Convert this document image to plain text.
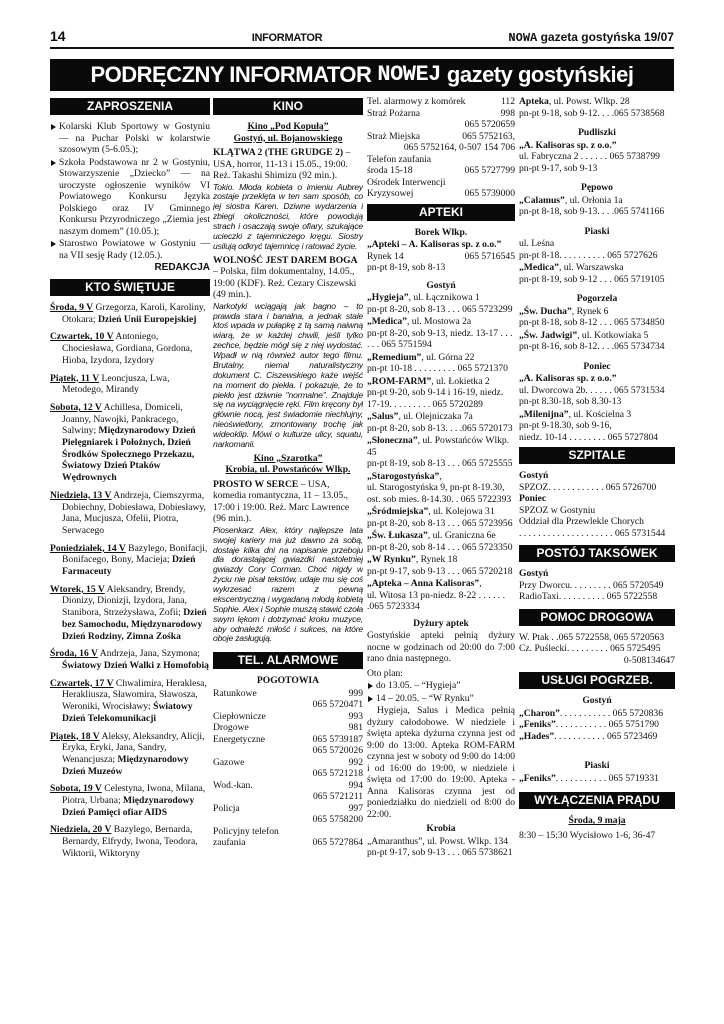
14	INFORMATOR	NOWA gazeta gostyńska 19/07
PODRĘCZNY INFORMATOR NOWEJ gazety gostyńskiej
ZAPROSZENIA
Kolarski Klub Sportowy w Gostyniu — na Puchar Polski w kolarstwie szosowym (5-6.05.);
Szkoła Podstawowa nr 2 w Gostyniu, Stowarzyszenie „Dziecko” — na uroczyste ogłoszenie wyników VI Powiatowego Konkursu Języka Polskiego oraz IV Gminnego Konkursu Przyrodniczego „Ziemia jest naszym domem” (10.05.);
Starostwo Powiatowe w Gostyniu — na VII sesję Rady (12.05.).
REDAKCJA
KTO ŚWIĘTUJE
Środa, 9 V Grzegorza, Karoli, Karoliny, Otokara; Dzień Unii Europejskiej
Czwartek, 10 V Antoniego, Chociesława, Gordiana, Gordona, Hioba, Izydora, Izydory
Piątek, 11 V Leoncjusza, Lwa, Metodego, Mirandy
Sobota, 12 V Achillesa, Domiceli, Joanny, Nawojki, Pankracego, Salwiny; Międzynarodowy Dzień Pielęgniarek i Położnych, Dzień Środków Społecznego Przekazu, Światowy Dzień Ptaków Wędrownych
Niedziela, 13 V Andrzeja, Ciemszyrma, Dobiechny, Dobiesława, Dobiesławy, Jana, Mucjusza, Ofelii, Piotra, Serwacego
Poniedziałek, 14 V Bazylego, Bonifacji, Bonifacego, Bony, Macieja; Dzień Farmaceuty
Wtorek, 15 V Aleksandry, Brendy, Dionizy, Dionizji, Izydora, Jana, Stanibora, Strzeżysława, Zofii; Dzień bez Samochodu, Międzynarodowy Dzień Rodziny, Zimna Zośka
Środa, 16 V Andrzeja, Jana, Szymona; Światowy Dzień Walki z Homofobią
Czwartek, 17 V Chwalimira, Heraklesa, Herakliusza, Sławomira, Sławosza, Weroniki, Wrocisławy; Światowy Dzień Telekomunikacji
Piątek, 18 V Aleksy, Aleksandry, Alicji, Eryka, Eryki, Jana, Sandry, Wenancjusza; Międzynarodowy Dzień Muzeów
Sobota, 19 V Celestyna, Iwona, Milana, Piotra, Urbana; Międzynarodowy Dzień Pamięci ofiar AIDS
Niedziela, 20 V Bazylego, Bernarda, Bernardy, Elfrydy, Iwona, Teodora, Wiktorii, Wiktoryny
KINO
Kino „Pod Kopułą”
Gostyń, ul. Bojanowskiego
KLĄTWA 2 (THE GRUDGE 2) – USA, horror, 11-13 i 15.05., 19:00. Reż. Takashi Shimizu (92 min.).
Tokio. Młoda kobieta o imieniu Aubrey zostaje przeklęta w ten sam sposób, co jej siostra Karen. Dziwne wydarzenia i zbiegi okoliczności, które powodują strach i osaczają swoje ofiary, szukające ucieczki z tajemniczego kręgu. Siostry usilują odkryć tajemnicę i ratować życie.
WOLNOŚĆ JEST DAREM BOGA – Polska, film dokumentalny, 14.05., 19:00 (KDF). Reż. Cezary Ciszewski (49 min.).
Narkotyki wciągają jak bagno – to prawda stara i banalna, a jednak stale ktoś wpada w pułapkę z tą samą naiwną wiarą, że w każdej chwili, jeśli tylko zechce, będzie mógł się z niej wydostać. Wpadł w nią również autor tego filmu. Brutalny, niemal naturalistyczny dokument C. Ciszewskiego każe wejść na moment do piekła. I pokazuje, że to piekło jest dziwnie "normalne". Znajduje się na wyciągnięcie ręki. Film kręcony był głównie nocą, jest świadomie niechlujny, nieoświetlony, zmontowany trochę jak wideoklip. Mówi o kulturze ulicy, squatu, narkomanii.
Kino „Szarotka”
Krobia, ul. Powstańców Wlkp.
PROSTO W SERCE – USA, komedia romantyczna, 11 – 13.05., 17:00 i 19:00. Reż. Marc Lawrence (96 min.).
Piosenkarz Alex, który najlepsze lata swojej kariery ma już dawno za sobą, dostaje kilka dni na napisanie przeboju dla dorastającej gwiazdki nastoletniej gwiazdy Cory Corman. Choć nigdy w życiu nie pisał tekstów, udaje mu się coś wykrzesać razem z pewną ekscentryczną i wygadaną młodą kobietą Sophie. Alex i Sophie muszą stawić czoła swym lękom i dotrzymać kroku muzyce, aby odnaleźć miłość i sukces, na które oboje zasługują.
TEL. ALARMOWE
POGOTOWIA
Ratunkowe	999
065 5720471
Ciepłownicze	993
Drogowe	981
Energetyczne	065 5739187
065 5720026
Gazowe	992
065 5721218
Wod.-kan.	994
065 5721211
Policja	997
065 5758200
Policyjny telefon
zaufania	065 5727864
Tel. alarmowy z komórek	112
Straż Pożarna	998
065 5720659
Straż Miejska	065 5752163,
065 5752164, 0-507 154 706
Telefon zaufania
środa 15-18	065 5727799
Ośrodek Interwencji
Kryzysowej	065 5739000
APTEKI
Borek Wlkp.
„Apteki – A. Kalisoras sp. z o.o.”
Rynek 14	065 5716545
pn-pt 8-19, sob 8-13
Gostyń
„Hygieja”, ul. Łącznikowa 1
pn-pt 8-20, sob 8-13 . . . 065 5723299
„Medica”, ul. Mostowa 2a
pn-pt 8-20, sob 9-13, niedz. 13-17 . . . . . . 065 5751594
„Remedium”, ul. Górna 22
pn-pt 10-18 . . . . . . . . . 065 5721370
„ROM-FARM”, ul. Łokietka 2
pn-pt 9-20, sob 9-14 i 16-19, niedz. 17-19. . . . . . . . . 065 5720289
„Salus”, ul. Olejniczaka 7a
pn-pt 8-20, sob 8-13. . . .065 5720173
„Słoneczna”, ul. Powstańców Wlkp. 45
pn-pt 8-19, sob 8-13 . . . 065 5725555
„Starogostyńska”,
ul. Starogostyńska 9, pn-pt 8-19.30, ost. sob mies. 8-14.30. . 065 5722393
„Śródmiejska”, ul. Kolejowa 31
pn-pt 8-20, sob 8-13 . . . 065 5723956
„Św. Łukasza”, ul. Graniczna 6e
pn-pt 8-20, sob 8-14 . . . 065 5723350
„W Rynku”, Rynek 18
pn-pt 9-17, sob 9-13 . . . 065 5720218
„Apteka – Anna Kalisoras”,
ul. Witosa 13 pn-niedz. 8-22 . . . . . . .065 5723334
Dyżury aptek

Gostyńskie apteki pełnią dyżury nocne w godzinach od 20:00 do 7:00 rano dnia następnego.

Oto plan:

do 13.05. – “Hygieja”
14 – 20.05. – “W Rynku”

Hygieja, Salus i Medica pełnią dyżury całodobowe. W niedziele i święta apteka dyżurna czynna jest od 9:00 do 13:00. Apteka ROM-FARM czynna jest w soboty od 9:00 do 14:00 i od 16:00 do 19:00, w niedziele i święta od 17:00 do 19:00. Apteka - Anna Kalisoras czynna jest od poniedziałku do niedzieli od 8:00 do 22:00.

Krobia

„Amaranthus”, ul. Powst. Wlkp. 134 pn-pt 9-17, sob 9-13 . . . 065 5738621

Apteka, ul. Powst. Wlkp. 28
pn-pt 9-18, sob 9-12. . . .065 5738568
Pudliszki
„A. Kalisoras sp. z o.o.”
ul. Fabryczna 2 . . . . . . 065 5738799
pn-pt 9-17, sob 9-13
Pępowo
„Calamus”, ul. Orłonia 1a
pn-pt 8-18, sob 9-13. . . .065 5741166
Piaski
ul. Leśna
pn-pt 8-18. . . . . . . . . . 065 5727626
„Medica”, ul. Warszawska
pn-pt 8-19, sob 9-12 . . . 065 5719105
Pogorzela
„Św. Ducha”, Rynek 6
pn-pt 8-18, sob 8-12 . . . 065 5734850
„Św. Jadwigi”, ul. Kotkowiaka 5
pn-pt 8-16, sob 8-12. . . .065 5734734
Poniec
„A. Kalisoras sp. z o.o.”
ul. Dworcowa 2b. . . . . . 065 5731534
pn-pt 8.30-18, sob 8.30-13
„Milenijna”, ul. Kościelna 3
pn-pt 9-18.30, sob 9-16,
niedz. 10-14 . . . . . . . . 065 5727804
SZPITALE
Gostyń
SPZOZ. . . . . . . . . . . . 065 5726700
Poniec
SPZOZ w Gostyniu
Oddział dla Przewlekle Chorych
. . . . . . . . . . . . . . . . . . . . 065 5731544
POSTÓJ TAKSÓWEK
Gostyń
Przy Dworcu. . . . . . . . . 065 5720549
RadioTaxi. . . . . . . . . . 065 5722558
POMOC DROGOWA
W. Ptak . .065 5722558, 065 5720563
Cz. Puślecki. . . . . . . . . 065 5725495
0-508134647
USŁUGI POGRZEB.
Gostyń
„Charon”. . . . . . . . . . . 065 5720836
„Feniks”. . . . . . . . . . . 065 5751790
„Hades”. . . . . . . . . . . 065 5723469
Piaski
„Feniks”. . . . . . . . . . . 065 5719331
WYŁĄCZENIA PRĄDU
Środa, 9 maja
8:30 – 15:30 Wycisłowo 1-6, 36-47
